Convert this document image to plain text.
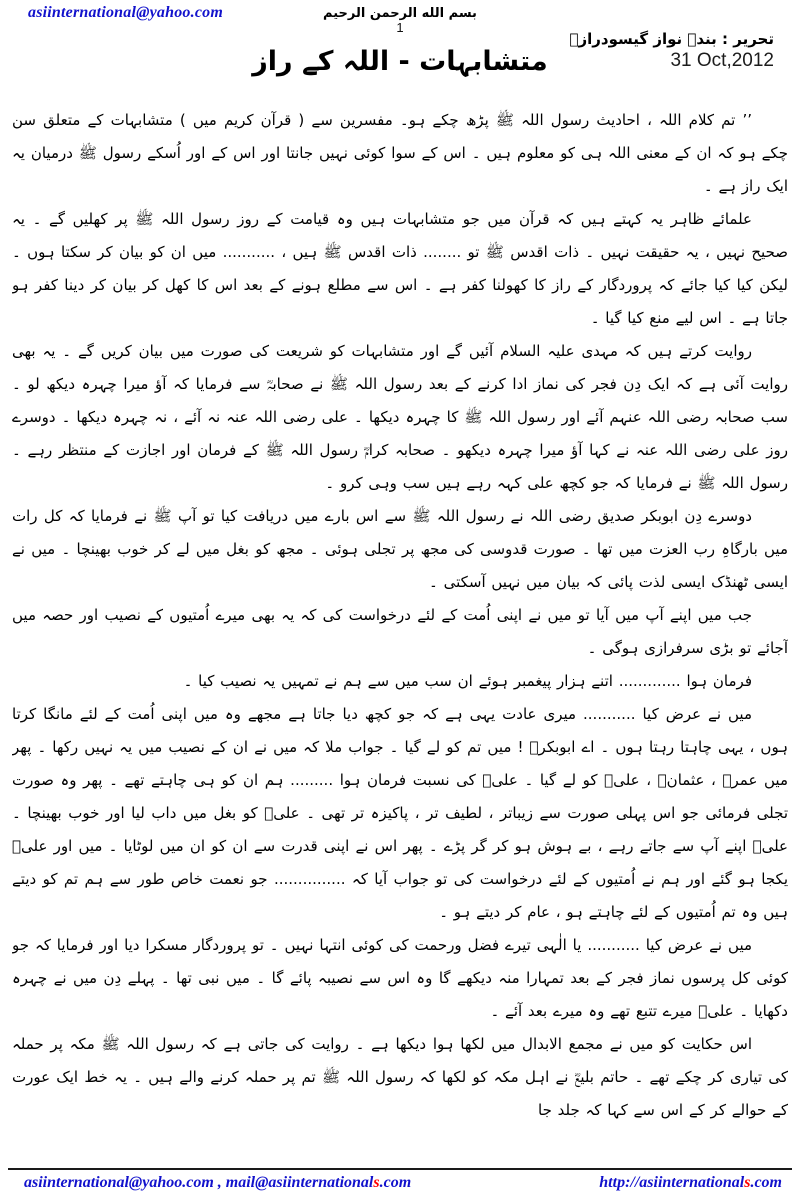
asiinternational@yahoo.com	بسم الله الرحمن الرحيم
1
تحریر : بندہ نواز گیسودرازؒ
31 Oct,2012
متشابہات - اللہ کے راز

’’ تم کلام اللہ ، احادیث رسول اللہ ﷺ پڑھ چکے ہو۔ مفسرین سے ( قرآن کریم میں ) متشابہات کے متعلق سن چکے ہو کہ ان کے معنی اللہ ہی کو معلوم ہیں ۔ اس کے سوا کوئی نہیں جانتا اور اس کے اور اُسکے رسول ﷺ درمیان یہ ایک راز ہے ۔

علمائے ظاہر یہ کہتے ہیں کہ قرآن میں جو متشابہات ہیں وہ قیامت کے روز رسول اللہ ﷺ پر کھلیں گے ۔ یہ صحیح نہیں ، یہ حقیقت نہیں ۔ ذات اقدس ﷺ تو ........ ذات اقدس ﷺ ہیں ، ........... میں ان کو بیان کر سکتا ہوں ۔ لیکن کیا کیا جائے کہ پروردگار کے راز کا کھولنا کفر ہے ۔ اس سے مطلع ہونے کے بعد اس کا کھل کر بیان کر دینا کفر ہو جاتا ہے ۔ اس لیے منع کیا گیا ۔

روایت کرتے ہیں کہ مہدی علیہ السلام آئیں گے اور متشابہات کو شریعت کی صورت میں بیان کریں گے ۔ یہ بھی روایت آئی ہے کہ ایک دِن فجر کی نماز ادا کرنے کے بعد رسول اللہ ﷺ نے صحابہؓ سے فرمایا کہ آؤ میرا چہرہ دیکھ لو ۔ سب صحابہ رضی اللہ عنہم آئے اور رسول اللہ ﷺ کا چہرہ دیکھا ۔ علی رضی اللہ عنہ نہ آئے ، نہ چہرہ دیکھا ۔ دوسرے روز علی رضی اللہ عنہ نے کہا آؤ میرا چہرہ دیکھو ۔ صحابہ کرامؓ رسول اللہ ﷺ کے فرمان اور اجازت کے منتظر رہے ۔ رسول اللہ ﷺ نے فرمایا کہ جو کچھ علی کہہ رہے ہیں سب وہی کرو ۔

دوسرے دِن ابوبکر صدیق رضی اللہ نے رسول اللہ ﷺ سے اس بارے میں دریافت کیا تو آپ ﷺ نے فرمایا کہ کل رات میں بارگاہِ رب العزت میں تھا ۔ صورت قدوسی کی مجھ پر تجلی ہوئی ۔ مجھ کو بغل میں لے کر خوب بھینچا ۔ میں نے ایسی ٹھنڈک ایسی لذت پائی کہ بیان میں نہیں آسکتی ۔

جب میں اپنے آپ میں آیا تو میں نے اپنی اُمت کے لئے درخواست کی کہ یہ بھی میرے اُمتیوں کے نصیب اور حصہ میں آجائے تو بڑی سرفرازی ہوگی ۔

فرمان ہوا ............. اتنے ہزار پیغمبر ہوئے ان سب میں سے ہم نے تمہیں یہ نصیب کیا ۔

میں نے عرض کیا ........... میری عادت یہی ہے کہ جو کچھ دیا جاتا ہے مجھے وہ میں اپنی اُمت کے لئے مانگا کرتا ہوں ، یہی چاہتا رہتا ہوں ۔ اے ابوبکرؓ ! میں تم کو لے گیا ۔ جواب ملا کہ میں نے ان کے نصیب میں یہ نہیں رکھا ۔ پھر میں عمرؓ ، عثمانؓ ، علیؓ کو لے گیا ۔ علیؓ کی نسبت فرمان ہوا ......... ہم ان کو ہی چاہتے تھے ۔ پھر وہ صورت تجلی فرمائی جو اس پہلی صورت سے زیباتر ، لطیف تر ، پاکیزہ تر تھی ۔ علیؓ کو بغل میں داب لیا اور خوب بھینچا ۔ علیؓ اپنے آپ سے جاتے رہے ، بے ہوش ہو کر گر پڑے ۔ پھر اس نے اپنی قدرت سے ان کو ان میں لوٹایا ۔ میں اور علیؓ یکجا ہو گئے اور ہم نے اُمتیوں کے لئے درخواست کی تو جواب آیا کہ ............... جو نعمت خاص طور سے ہم تم کو دیتے ہیں وہ تم اُمتیوں کے لئے چاہتے ہو ، عام کر دیتے ہو ۔

میں نے عرض کیا ........... یا الٰہی تیرے فضل ورحمت کی کوئی انتہا نہیں ۔ تو پروردگار مسکرا دیا اور فرمایا کہ جو کوئی کل پرسوں نماز فجر کے بعد تمہارا منہ دیکھے گا وہ اس سے نصیبہ پائے گا ۔ میں نبی تھا ۔ پہلے دِن میں نے چہرہ دکھایا ۔ علیؓ میرے تتبع تھے وہ میرے بعد آئے ۔

اس حکایت کو میں نے مجمع الابدال میں لکھا ہوا دیکھا ہے ۔ روایت کی جاتی ہے کہ رسول اللہ ﷺ مکہ پر حملہ کی تیاری کر چکے تھے ۔ حاتم بلیعؓ نے اہل مکہ کو لکھا کہ رسول اللہ ﷺ تم پر حملہ کرنے والے ہیں ۔ یہ خط ایک عورت کے حوالے کر کے اس سے کہا کہ جلد جا

asiinternational@yahoo.com , mail@asiinternationals.com	http://asiinternationals.com
